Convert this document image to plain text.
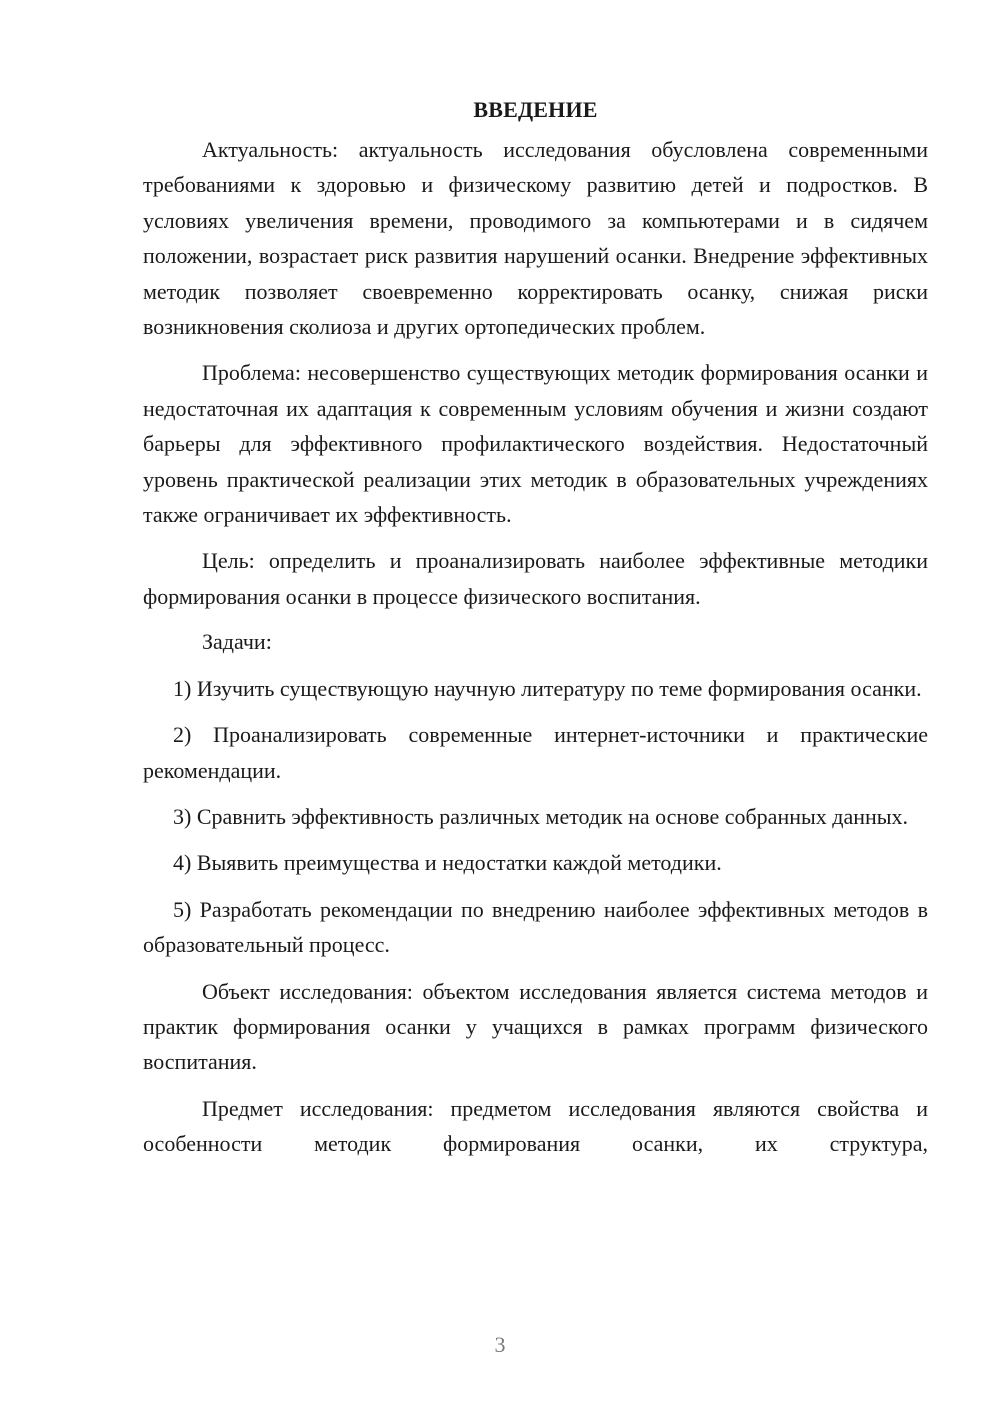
ВВЕДЕНИЕ

Актуальность: актуальность исследования обусловлена современными требованиями к здоровью и физическому развитию детей и подростков. В условиях увеличения времени, проводимого за компьютерами и в сидячем положении, возрастает риск развития нарушений осанки. Внедрение эффективных методик позволяет своевременно корректировать осанку, снижая риски возникновения сколиоза и других ортопедических проблем.

Проблема: несовершенство существующих методик формирования осанки и недостаточная их адаптация к современным условиям обучения и жизни создают барьеры для эффективного профилактического воздействия. Недостаточный уровень практической реализации этих методик в образовательных учреждениях также ограничивает их эффективность.

Цель: определить и проанализировать наиболее эффективные методики формирования осанки в процессе физического воспитания.

Задачи:

1) Изучить существующую научную литературу по теме формирования осанки.

2) Проанализировать современные интернет-источники и практические рекомендации.

3) Сравнить эффективность различных методик на основе собранных данных.

4) Выявить преимущества и недостатки каждой методики.

5) Разработать рекомендации по внедрению наиболее эффективных методов в образовательный процесс.

Объект исследования: объектом исследования является система методов и практик формирования осанки у учащихся в рамках программ физического воспитания.

Предмет исследования: предметом исследования являются свойства и особенности методик формирования осанки, их структура,

3
